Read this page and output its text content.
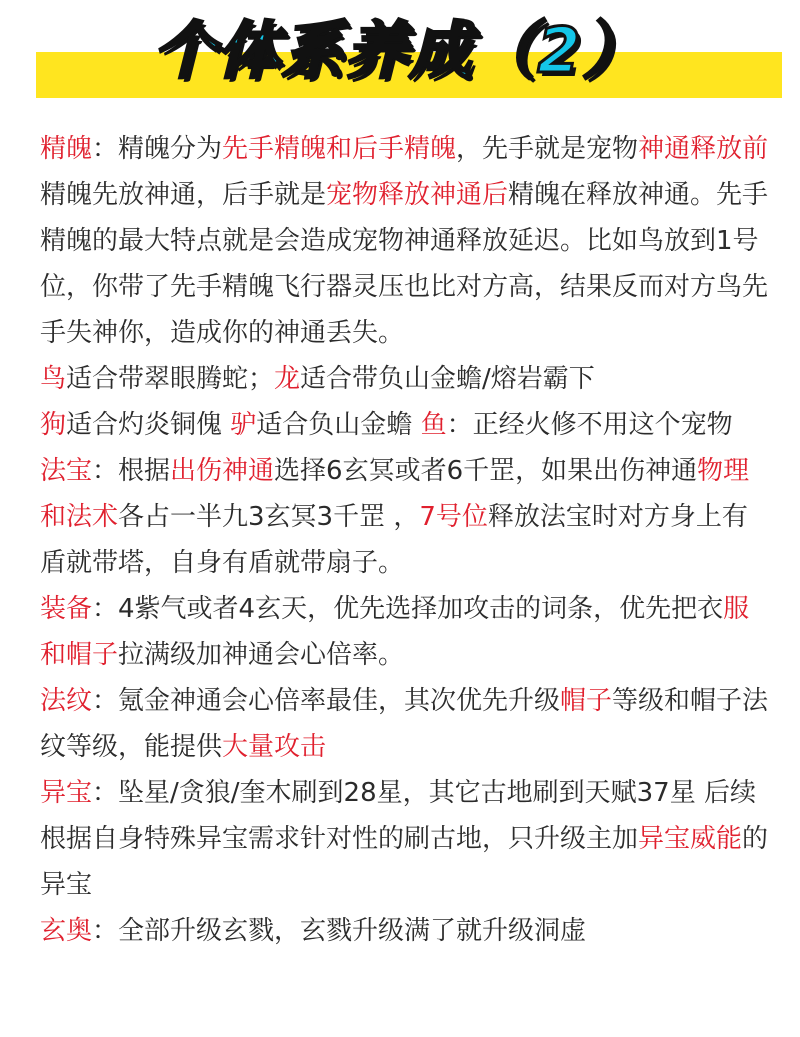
个体系养成（2）

精魄：精魄分为先手精魄和后手精魄，先手就是宠物神通释放前精魄先放神通，后手就是宠物释放神通后精魄在释放神通。先手精魄的最大特点就是会造成宠物神通释放延迟。比如鸟放到1号位，你带了先手精魄飞行器灵压也比对方高，结果反而对方鸟先手失神你，造成你的神通丢失。

鸟适合带翠眼腾蛇；龙适合带负山金蟾/熔岩霸下

狗适合灼炎铜傀 驴适合负山金蟾 鱼：正经火修不用这个宠物

法宝：根据出伤神通选择6玄冥或者6千罡，如果出伤神通物理和法术各占一半九3玄冥3千罡 ，7号位释放法宝时对方身上有盾就带塔，自身有盾就带扇子。

装备：4紫气或者4玄天，优先选择加攻击的词条，优先把衣服和帽子拉满级加神通会心倍率。

法纹：氪金神通会心倍率最佳，其次优先升级帽子等级和帽子法纹等级，能提供大量攻击

异宝：坠星/贪狼/奎木刷到28星，其它古地刷到天赋37星 后续根据自身特殊异宝需求针对性的刷古地，只升级主加异宝威能的异宝

玄奥：全部升级玄戮，玄戮升级满了就升级洞虚
